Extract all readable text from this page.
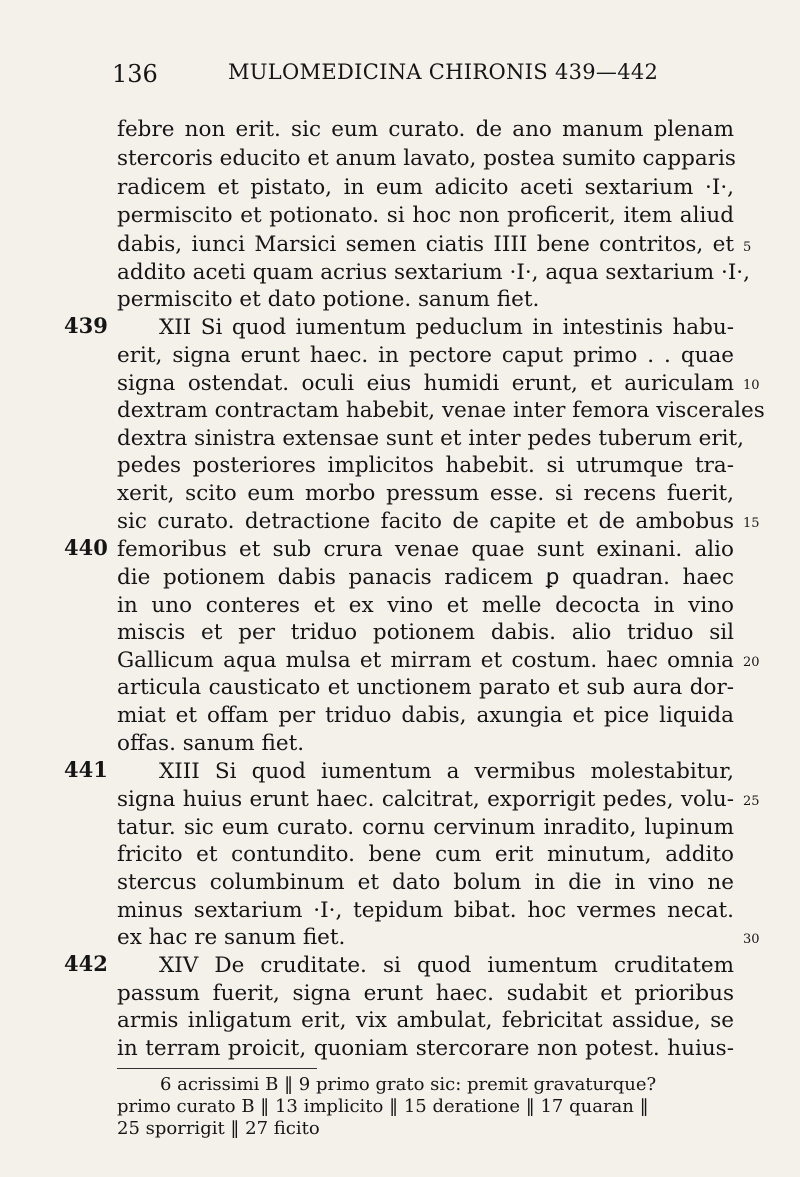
136	MULOMEDICINA CHIRONIS 439—442
febre non erit. sic eum curato. de ano manum plenam
stercoris educito et anum lavato, postea sumito capparis
radicem et pistato, in eum adicito aceti sextarium ·I·,
permiscito et potionato. si hoc non proficerit, item aliud
dabis, iunci Marsici semen ciatis IIII bene contritos, et
addito aceti quam acrius sextarium ·I·, aqua sextarium ·I·,
permiscito et dato potione. sanum fiet.
XII Si quod iumentum peduclum in intestinis habu-
erit, signa erunt haec. in pectore caput primo . . quae
signa ostendat. oculi eius humidi erunt, et auriculam
dextram contractam habebit, venae inter femora viscerales
dextra sinistra extensae sunt et inter pedes tuberum erit,
pedes posteriores implicitos habebit. si utrumque tra-
xerit, scito eum morbo pressum esse. si recens fuerit,
sic curato. detractione facito de capite et de ambobus
femoribus et sub crura venae quae sunt exinani. alio
die potionem dabis panacis radicem ꝑ quadran. haec
in uno conteres et ex vino et melle decocta in vino
miscis et per triduo potionem dabis. alio triduo sil
Gallicum aqua mulsa et mirram et costum. haec omnia
articula causticato et unctionem parato et sub aura dor-
miat et offam per triduo dabis, axungia et pice liquida
offas. sanum fiet.
XIII Si quod iumentum a vermibus molestabitur,
signa huius erunt haec. calcitrat, exporrigit pedes, volu-
tatur. sic eum curato. cornu cervinum inradito, lupinum
fricito et contundito. bene cum erit minutum, addito
stercus columbinum et dato bolum in die in vino ne
minus sextarium ·I·, tepidum bibat. hoc vermes necat.
ex hac re sanum fiet.
XIV De cruditate. si quod iumentum cruditatem
passum fuerit, signa erunt haec. sudabit et prioribus
armis inligatum erit, vix ambulat, febricitat assidue, se
in terram proicit, quoniam stercorare non potest. huius-
439
440
441
442
5
10
15
20
25
30
6 acrissimi B ‖ 9 primo grato sic: premit gravaturque?
primo curato B ‖ 13 implicito ‖ 15 deratione ‖ 17 quaran ‖
25 sporrigit ‖ 27 ficito
